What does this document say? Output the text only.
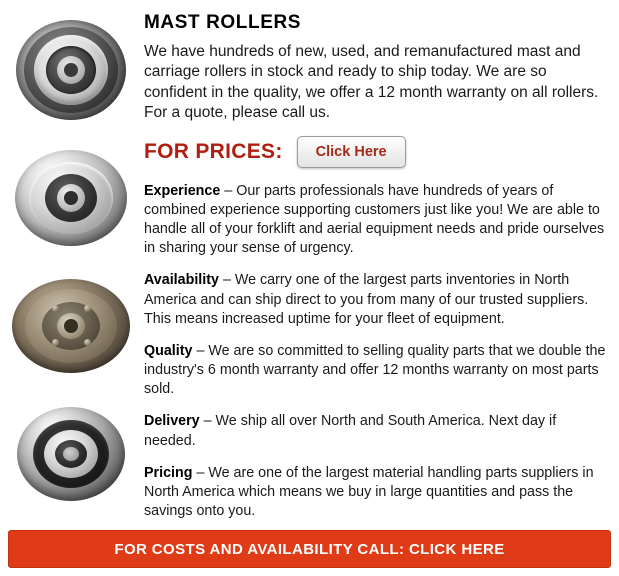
MAST ROLLERS

We have hundreds of new, used, and remanufactured mast and carriage rollers in stock and ready to ship today. We are so confident in the quality, we offer a 12 month warranty on all rollers. For a quote, please call us.

FOR PRICES:	Click Here

Experience – Our parts professionals have hundreds of years of combined experience supporting customers just like you! We are able to handle all of your forklift and aerial equipment needs and pride ourselves in sharing your sense of urgency.

Availability – We carry one of the largest parts inventories in North America and can ship direct to you from many of our trusted suppliers. This means increased uptime for your fleet of equipment.

Quality – We are so committed to selling quality parts that we double the industry's 6 month warranty and offer 12 months warranty on most parts sold.

Delivery – We ship all over North and South America. Next day if needed.

Pricing – We are one of the largest material handling parts suppliers in North America which means we buy in large quantities and pass the savings onto you.

FOR COSTS AND AVAILABILITY CALL: CLICK HERE
